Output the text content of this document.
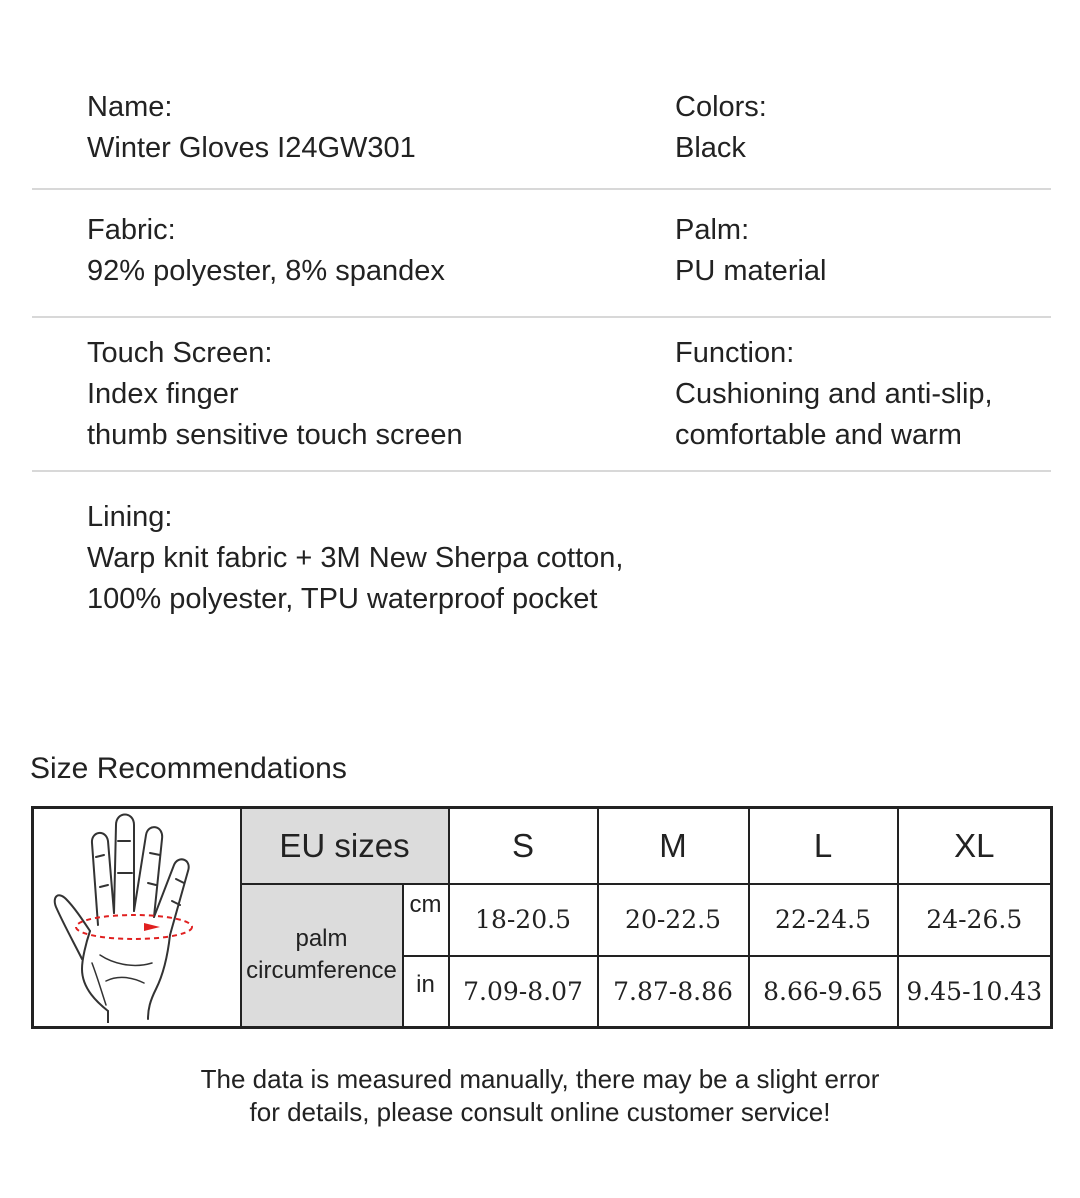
Name:
Winter Gloves I24GW301
Colors:
Black
Fabric:
92% polyester, 8% spandex
Palm:
PU material
Touch Screen:
Index finger
thumb sensitive touch screen
Function:
Cushioning and anti-slip,
comfortable and warm
Lining:
Warp knit fabric + 3M New Sherpa cotton,
100% polyester, TPU waterproof pocket
Size Recommendations
	EU sizes		S	M	L	XL

	palm
circumference	cm	18-20.5	20-22.5	22-24.5	24-26.5
		in	7.09-8.07	7.87-8.86	8.66-9.65	9.45-10.43
The data is measured manually, there may be a slight error
for details, please consult online customer service!
